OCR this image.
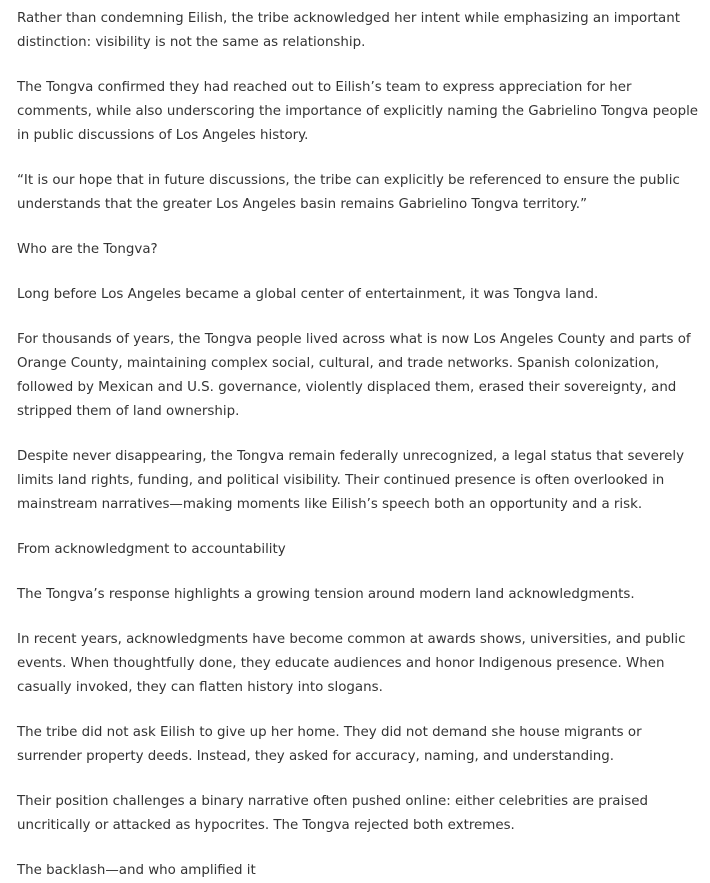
Rather than condemning Eilish, the tribe acknowledged her intent while emphasizing an important distinction: visibility is not the same as relationship.

The Tongva confirmed they had reached out to Eilish’s team to express appreciation for her comments, while also underscoring the importance of explicitly naming the Gabrielino Tongva people in public discussions of Los Angeles history.

“It is our hope that in future discussions, the tribe can explicitly be referenced to ensure the public understands that the greater Los Angeles basin remains Gabrielino Tongva territory.”

Who are the Tongva?

Long before Los Angeles became a global center of entertainment, it was Tongva land.

For thousands of years, the Tongva people lived across what is now Los Angeles County and parts of Orange County, maintaining complex social, cultural, and trade networks. Spanish colonization, followed by Mexican and U.S. governance, violently displaced them, erased their sovereignty, and stripped them of land ownership.

Despite never disappearing, the Tongva remain federally unrecognized, a legal status that severely limits land rights, funding, and political visibility. Their continued presence is often overlooked in mainstream narratives—making moments like Eilish’s speech both an opportunity and a risk.

From acknowledgment to accountability

The Tongva’s response highlights a growing tension around modern land acknowledgments.

In recent years, acknowledgments have become common at awards shows, universities, and public events. When thoughtfully done, they educate audiences and honor Indigenous presence. When casually invoked, they can flatten history into slogans.

The tribe did not ask Eilish to give up her home. They did not demand she house migrants or surrender property deeds. Instead, they asked for accuracy, naming, and understanding.

Their position challenges a binary narrative often pushed online: either celebrities are praised uncritically or attacked as hypocrites. The Tongva rejected both extremes.

The backlash—and who amplified it
